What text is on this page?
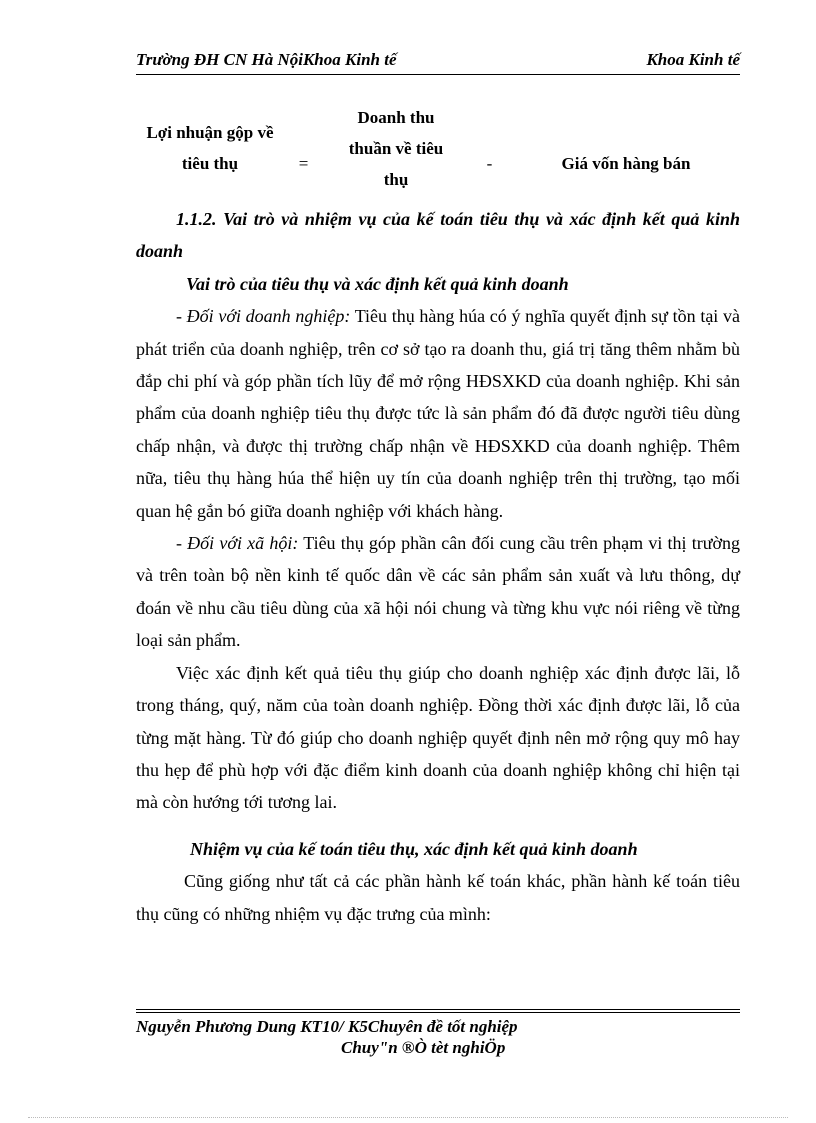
Trường ĐH CN Hà NộiKhoa Kinh tế	Khoa Kinh tế
Lợi nhuận gộp về tiêu thụ	=
Doanh thu thuần về tiêu thụ
-	Giá vốn hàng bán

1.1.2. Vai trò và nhiệm vụ của kế toán tiêu thụ và xác định kết quả kinh doanh

Vai trò của tiêu thụ và xác định kết quả kinh doanh

- Đối với doanh nghiệp: Tiêu thụ hàng húa có ý nghĩa quyết định sự tồn tại và phát triển của doanh nghiệp, trên cơ sở tạo ra doanh thu, giá trị tăng thêm nhằm bù đắp chi phí và góp phần tích lũy để mở rộng HĐSXKD của doanh nghiệp. Khi sản phẩm của doanh nghiệp tiêu thụ được tức là sản phẩm đó đã được người tiêu dùng chấp nhận, và được thị trường chấp nhận về HĐSXKD của doanh nghiệp. Thêm nữa, tiêu thụ hàng húa thể hiện uy tín của doanh nghiệp trên thị trường, tạo mối quan hệ gắn bó giữa doanh nghiệp với khách hàng.

- Đối với xã hội: Tiêu thụ góp phần cân đối cung cầu trên phạm vi thị trường và trên toàn bộ nền kinh tế quốc dân về các sản phẩm sản xuất và lưu thông, dự đoán về nhu cầu tiêu dùng của xã hội nói chung và từng khu vực nói riêng về từng loại sản phẩm.

Việc xác định kết quả tiêu thụ giúp cho doanh nghiệp xác định được lãi, lỗ trong tháng, quý, năm của toàn doanh nghiệp. Đồng thời xác định được lãi, lỗ của từng mặt hàng. Từ đó giúp cho doanh nghiệp quyết định nên mở rộng quy mô hay thu hẹp để phù hợp với đặc điểm kinh doanh của doanh nghiệp không chỉ hiện tại mà còn hướng tới tương lai.

Nhiệm vụ của kế toán tiêu thụ, xác định kết quả kinh doanh

Cũng giống như tất cả các phần hành kế toán khác, phần hành kế toán tiêu thụ cũng có những nhiệm vụ đặc trưng của mình:

Nguyễn Phương Dung KT10/ K5Chuyên đề tốt nghiệp
Chuy"n ®Ò tèt nghiÖp
